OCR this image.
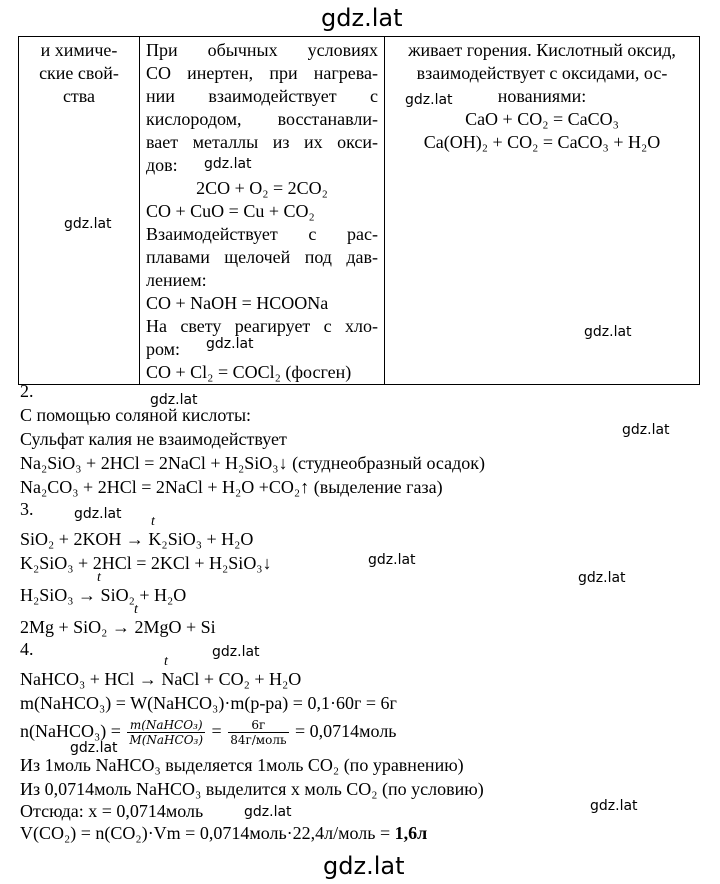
gdz.lat
gdz.lat
gdz.lat
gdz.lat
gdz.lat
gdz.lat
gdz.lat
gdz.lat
gdz.lat
gdz.lat
gdz.lat
gdz.lat
gdz.lat
gdz.lat
gdz.lat
gdz.lat
и химиче-
ские свой-
ства

При обычных условиях
CO инертен, при нагрева-
нии взаимодействует с
кислородом, восстанавли-
вает металлы из их окси-
дов:
2CO + O₂ = 2CO₂
CO + CuO = Cu + CO₂
Взаимодействует с рас-
плавами щелочей под дав-
лением:
CO + NaOH = HCOONa
На свету реагирует с хло-
ром:
CO + Cl₂ = COCl₂ (фосген)

живает горения. Кислотный оксид,
взаимодействует с оксидами, ос-
нованиями:
CaO + CO₂ = CaCO₃
Ca(OH)₂ + CO₂ = CaCO₃ + H₂O
2.
С помощью соляной кислоты:
Сульфат калия не взаимодействует
Na₂SiO₃ + 2HCl = 2NaCl + H₂SiO₃↓ (студнеобразный осадок)
Na₂CO₃ + 2HCl = 2NaCl + H₂O +CO₂↑ (выделение газа)
3.
SiO₂ + 2KOH → K₂SiO₃ + H₂O
K₂SiO₃ + 2HCl = 2KCl + H₂SiO₃↓
H₂SiO₃ → SiO₂ + H₂O
2Mg + SiO₂ → 2MgO + Si
t
t
t
4.
NaHCO₃ + HCl → NaCl + CO₂ + H₂O
t
m(NaHCO₃) = W(NaHCO₃)·m(р-ра) = 0,1·60г = 6г
n(NaHCO₃) = $\frac{\text{m(NaHCO₃)}}{\text{M(NaHCO₃)}} = \frac{6г}{\text{84г/моль}}$ = 0,0714моль
Из 1моль NaHCO₃ выделяется 1моль CO₂ (по уравнению)
Из 0,0714моль NaHCO₃ выделится x моль CO₂ (по условию)
Отсюда: x = 0,0714моль
V(CO₂) = n(CO₂)·Vm = 0,0714моль·22,4л/моль = 1,6л
